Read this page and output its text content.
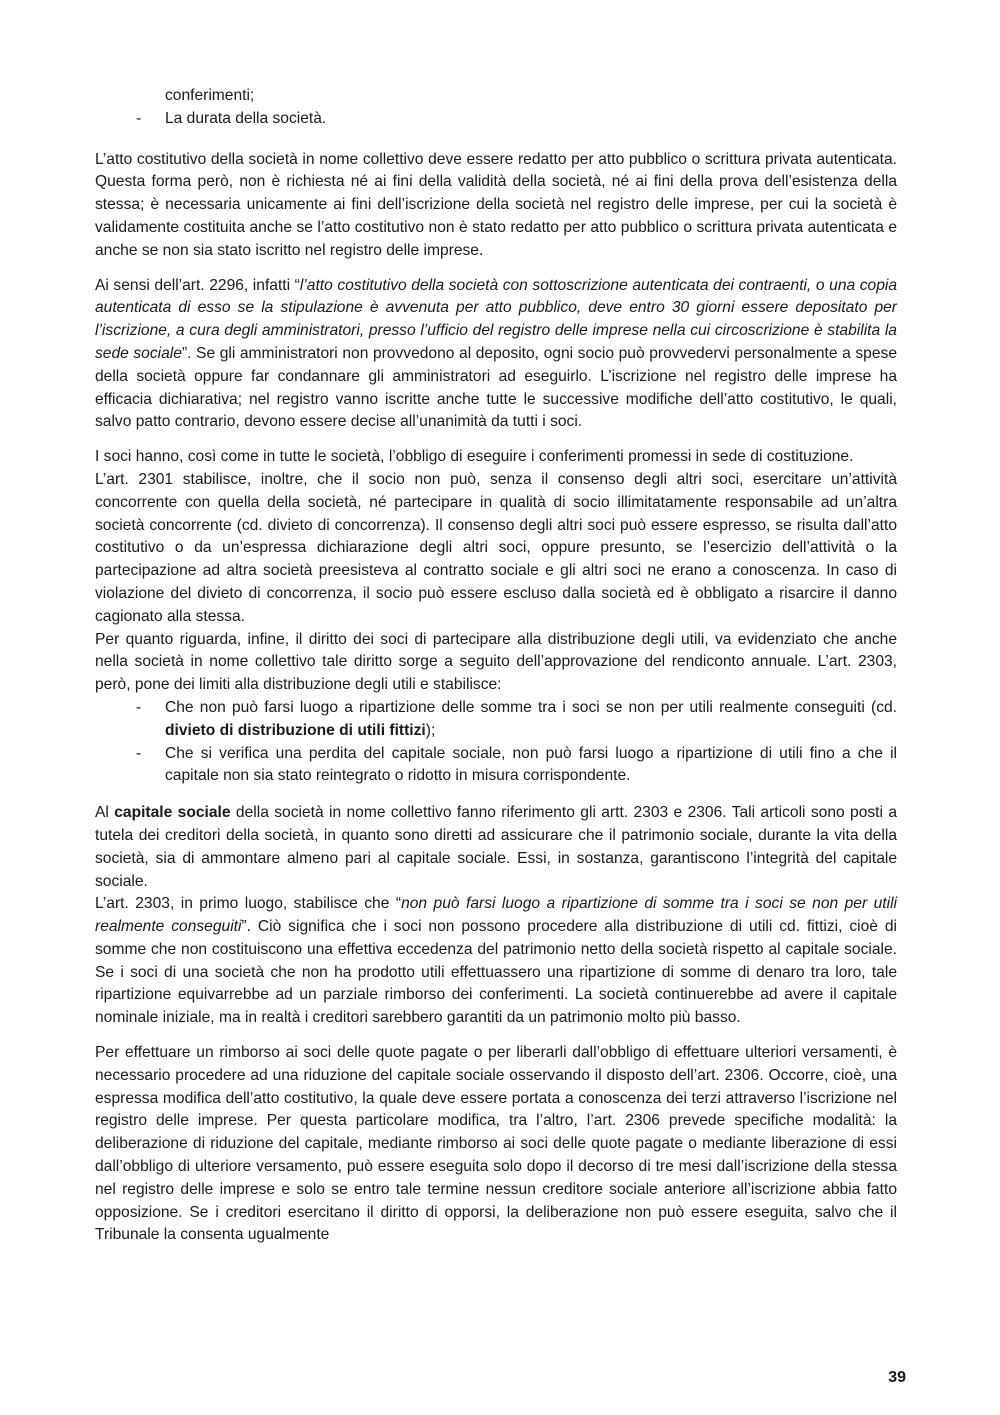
conferimenti;
- La durata della società.

L’atto costitutivo della società in nome collettivo deve essere redatto per atto pubblico o scrittura privata autenticata. Questa forma però, non è richiesta né ai fini della validità della società, né ai fini della prova dell’esistenza della stessa; è necessaria unicamente ai fini dell’iscrizione della società nel registro delle imprese, per cui la società è validamente costituita anche se l’atto costitutivo non è stato redatto per atto pubblico o scrittura privata autenticata e anche se non sia stato iscritto nel registro delle imprese.

Ai sensi dell’art. 2296, infatti “l’atto costitutivo della società con sottoscrizione autenticata dei contraenti, o una copia autenticata di esso se la stipulazione è avvenuta per atto pubblico, deve entro 30 giorni essere depositato per l’iscrizione, a cura degli amministratori, presso l’ufficio del registro delle imprese nella cui circoscrizione è stabilita la sede sociale”. Se gli amministratori non provvedono al deposito, ogni socio può provvedervi personalmente a spese della società oppure far condannare gli amministratori ad eseguirlo. L’iscrizione nel registro delle imprese ha efficacia dichiarativa; nel registro vanno iscritte anche tutte le successive modifiche dell’atto costitutivo, le quali, salvo patto contrario, devono essere decise all’unanimità da tutti i soci.

I soci hanno, così come in tutte le società, l’obbligo di eseguire i conferimenti promessi in sede di costituzione.

L’art. 2301 stabilisce, inoltre, che il socio non può, senza il consenso degli altri soci, esercitare un’attività concorrente con quella della società, né partecipare in qualità di socio illimitatamente responsabile ad un’altra società concorrente (cd. divieto di concorrenza). Il consenso degli altri soci può essere espresso, se risulta dall’atto costitutivo o da un’espressa dichiarazione degli altri soci, oppure presunto, se l’esercizio dell’attività o la partecipazione ad altra società preesisteva al contratto sociale e gli altri soci ne erano a conoscenza. In caso di violazione del divieto di concorrenza, il socio può essere escluso dalla società ed è obbligato a risarcire il danno cagionato alla stessa.

Per quanto riguarda, infine, il diritto dei soci di partecipare alla distribuzione degli utili, va evidenziato che anche nella società in nome collettivo tale diritto sorge a seguito dell’approvazione del rendiconto annuale. L’art. 2303, però, pone dei limiti alla distribuzione degli utili e stabilisce:

- Che non può farsi luogo a ripartizione delle somme tra i soci se non per utili realmente conseguiti (cd. divieto di distribuzione di utili fittizi);
- Che si verifica una perdita del capitale sociale, non può farsi luogo a ripartizione di utili fino a che il capitale non sia stato reintegrato o ridotto in misura corrispondente.

Al capitale sociale della società in nome collettivo fanno riferimento gli artt. 2303 e 2306. Tali articoli sono posti a tutela dei creditori della società, in quanto sono diretti ad assicurare che il patrimonio sociale, durante la vita della società, sia di ammontare almeno pari al capitale sociale. Essi, in sostanza, garantiscono l’integrità del capitale sociale.

L’art. 2303, in primo luogo, stabilisce che “non può farsi luogo a ripartizione di somme tra i soci se non per utili realmente conseguiti”. Ciò significa che i soci non possono procedere alla distribuzione di utili cd. fittizi, cioè di somme che non costituiscono una effettiva eccedenza del patrimonio netto della società rispetto al capitale sociale. Se i soci di una società che non ha prodotto utili effettuassero una ripartizione di somme di denaro tra loro, tale ripartizione equivarrebbe ad un parziale rimborso dei conferimenti. La società continuerebbe ad avere il capitale nominale iniziale, ma in realtà i creditori sarebbero garantiti da un patrimonio molto più basso.

Per effettuare un rimborso ai soci delle quote pagate o per liberarli dall’obbligo di effettuare ulteriori versamenti, è necessario procedere ad una riduzione del capitale sociale osservando il disposto dell’art. 2306. Occorre, cioè, una espressa modifica dell’atto costitutivo, la quale deve essere portata a conoscenza dei terzi attraverso l’iscrizione nel registro delle imprese. Per questa particolare modifica, tra l’altro, l’art. 2306 prevede specifiche modalità: la deliberazione di riduzione del capitale, mediante rimborso ai soci delle quote pagate o mediante liberazione di essi dall’obbligo di ulteriore versamento, può essere eseguita solo dopo il decorso di tre mesi dall’iscrizione della stessa nel registro delle imprese e solo se entro tale termine nessun creditore sociale anteriore all’iscrizione abbia fatto opposizione. Se i creditori esercitano il diritto di opporsi, la deliberazione non può essere eseguita, salvo che il Tribunale la consenta ugualmente

39
